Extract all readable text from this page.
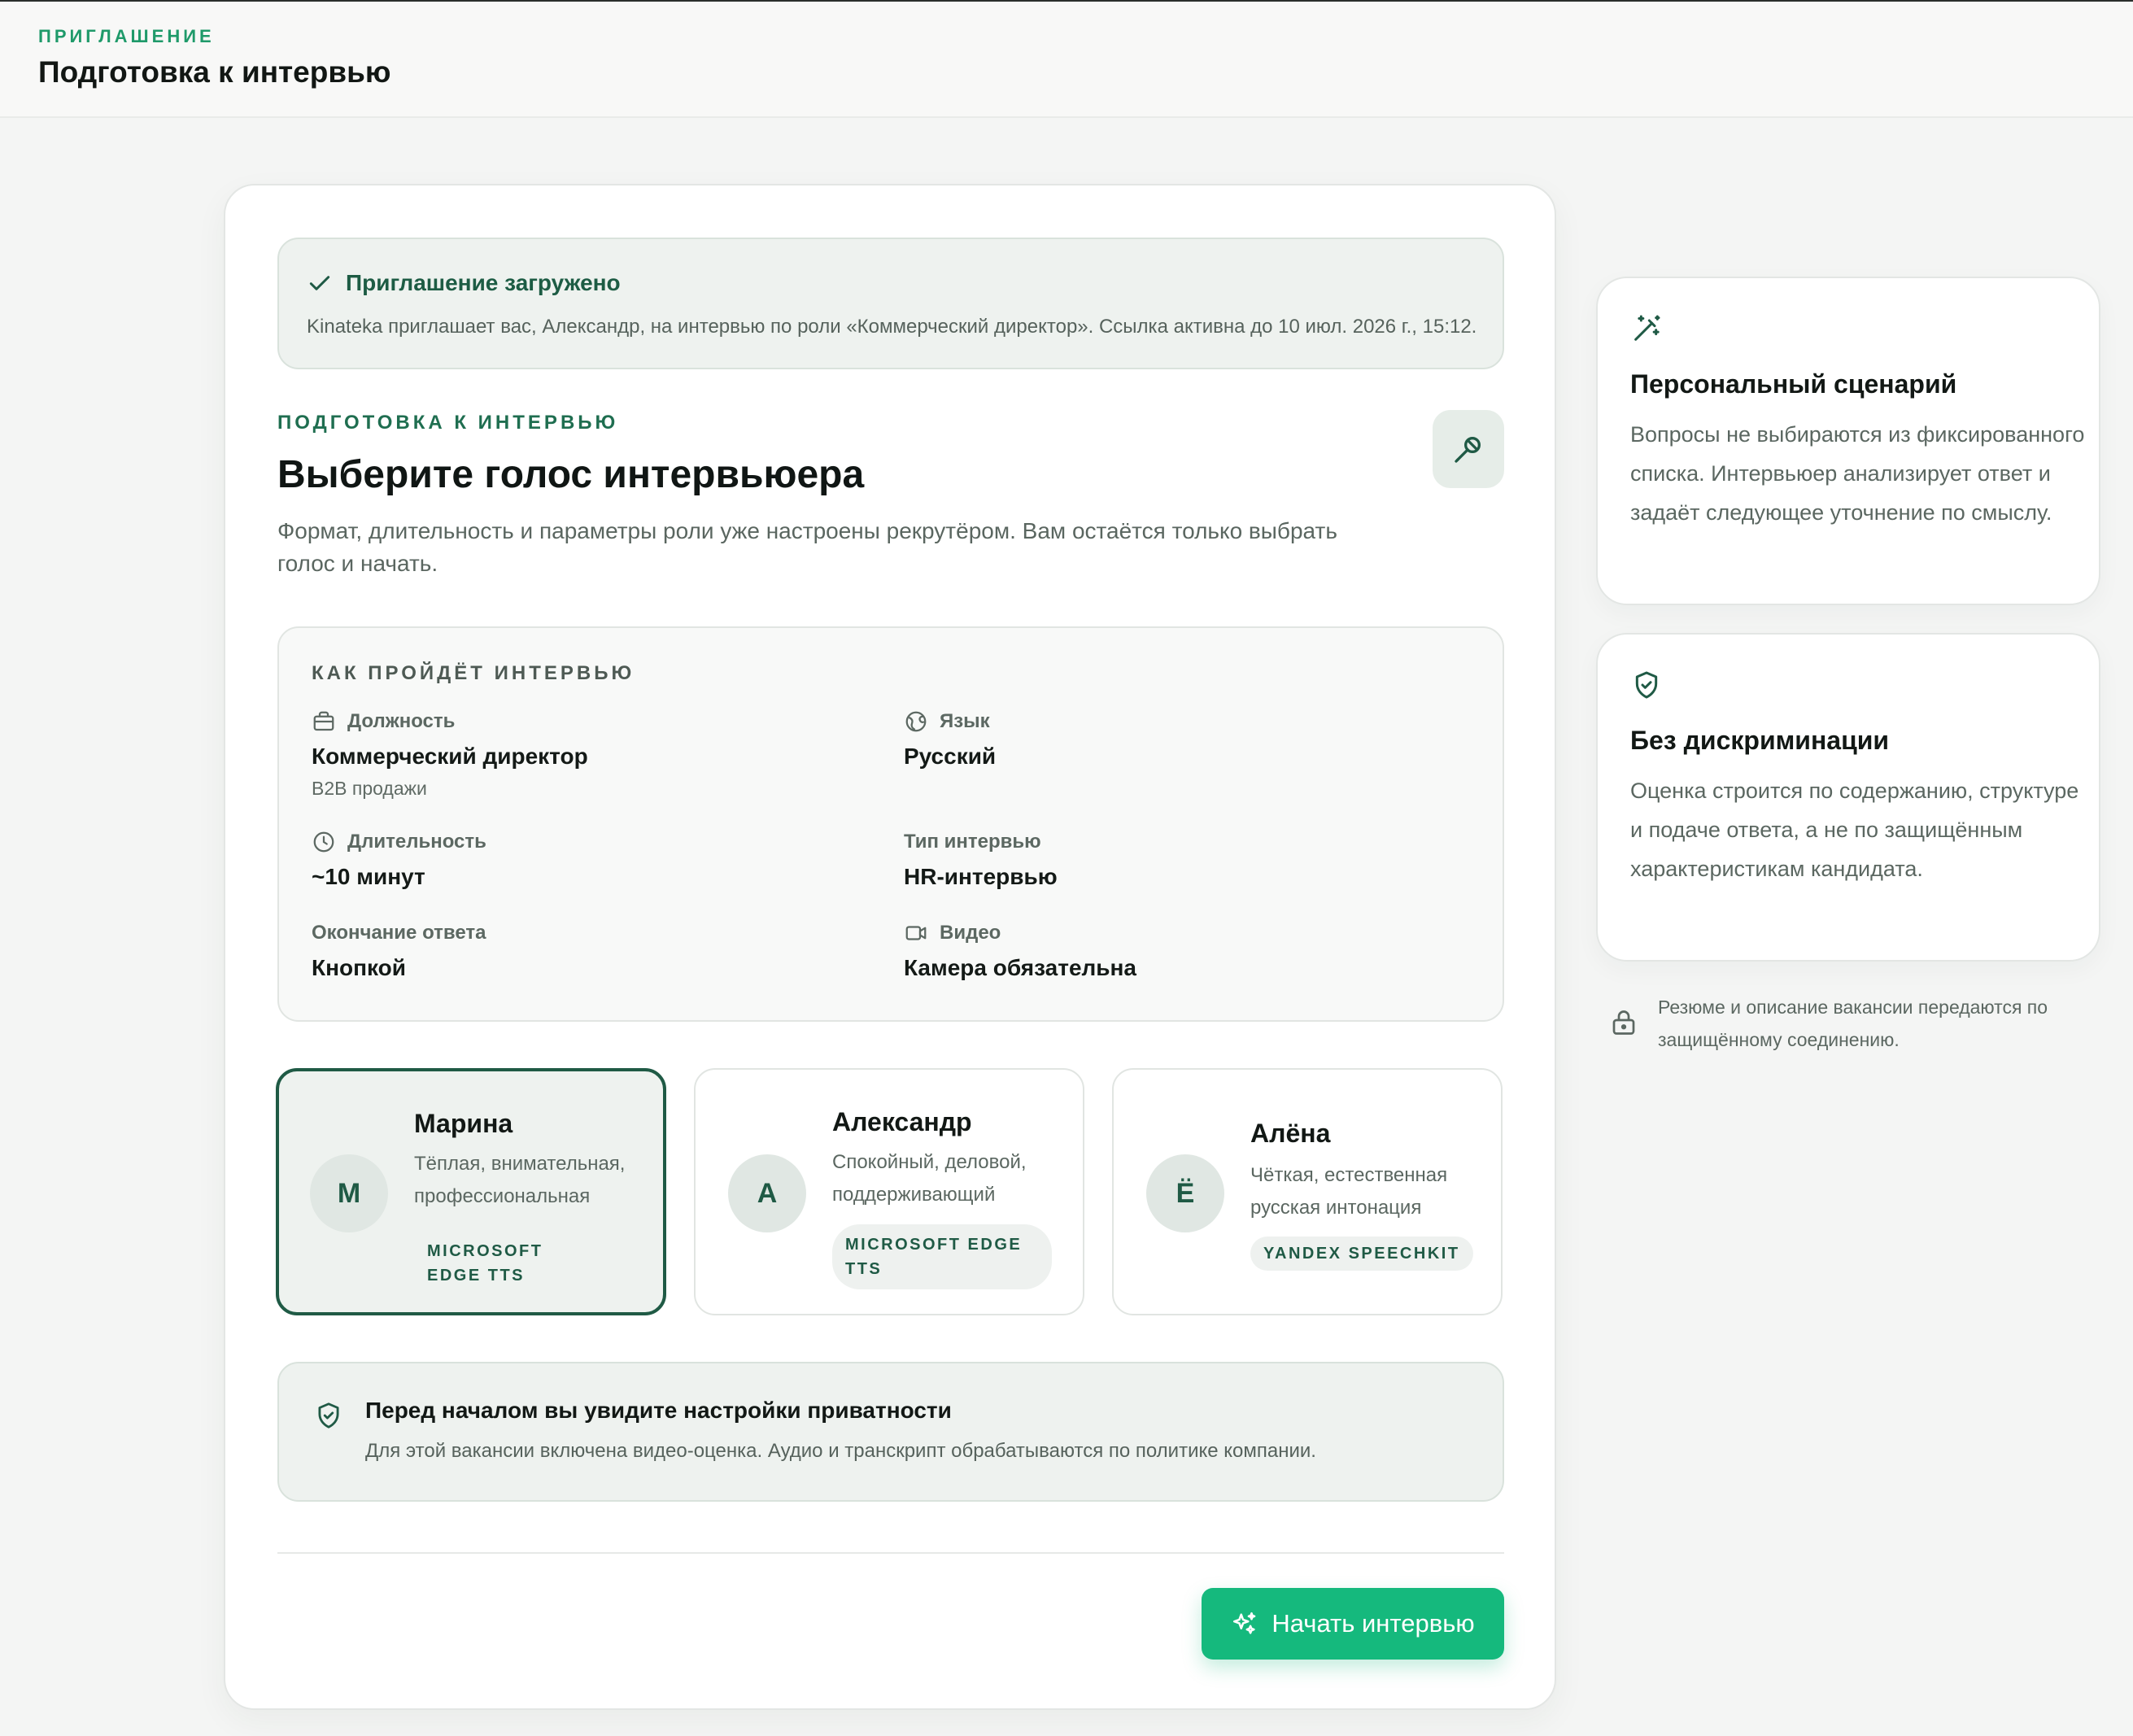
ПРИГЛАШЕНИЕ
Подготовка к интервью
Приглашение загружено
Kinateka приглашает вас, Александр, на интервью по роли «Коммерческий директор». Ссылка активна до 10 июл. 2026 г., 15:12.
ПОДГОТОВКА К ИНТЕРВЬЮ
Выберите голос интервьюера

Формат, длительность и параметры роли уже настроены рекрутёром. Вам остаётся только выбрать голос и начать.

КАК ПРОЙДЁТ ИНТЕРВЬЮ
Должность
Коммерческий директор
B2B продажи
Язык
Русский
Длительность
~10 минут
Тип интервью
HR-интервью
Окончание ответа
Кнопкой
Видео
Камера обязательна
М
Марина
Тёплая, внимательная, профессиональная
MICROSOFT EDGE TTS
А
Александр
Спокойный, деловой, поддерживающий
MICROSOFT EDGE TTS
Ё
Алёна
Чёткая, естественная русская интонация
YANDEX SPEECHKIT
Перед началом вы увидите настройки приватности
Для этой вакансии включена видео-оценка. Аудио и транскрипт обрабатываются по политике компании.
Начать интервью
Персональный сценарий
Вопросы не выбираются из фиксированного списка. Интервьюер анализирует ответ и задаёт следующее уточнение по смыслу.
Без дискриминации
Оценка строится по содержанию, структуре и подаче ответа, а не по защищённым характеристикам кандидата.
Резюме и описание вакансии передаются по защищённому соединению.
